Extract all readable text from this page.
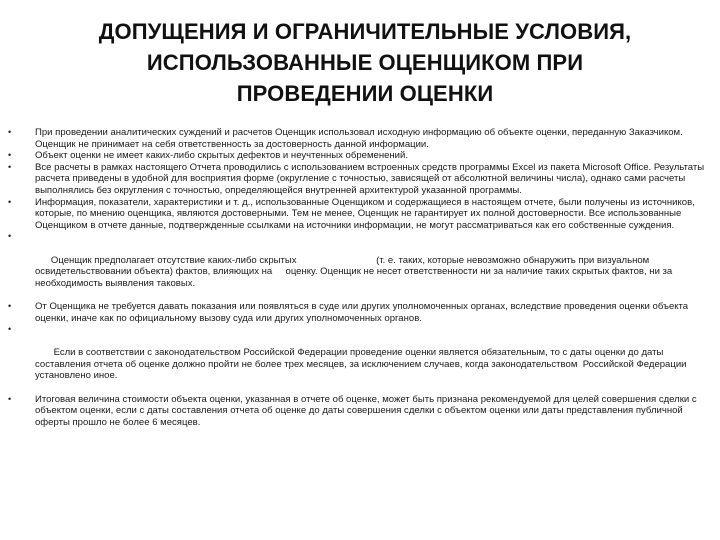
ДОПУЩЕНИЯ И ОГРАНИЧИТЕЛЬНЫЕ УСЛОВИЯ,
ИСПОЛЬЗОВАННЫЕ ОЦЕНЩИКОМ ПРИ
ПРОВЕДЕНИИ ОЦЕНКИ
• При проведении аналитических суждений и расчетов Оценщик использовал исходную информацию об объекте оценки, переданную Заказчиком. Оценщик не принимает на себя ответственность за достоверность данной информации.
• Объект оценки не имеет каких-либо скрытых дефектов и неучтенных обременений.
• Все расчеты в рамках настоящего Отчета проводились с использованием встроенных средств программы Excel из пакета Microsoft Office. Результаты расчета приведены в удобной для восприятия форме (округление с точностью, зависящей от абсолютной величины числа), однако сами расчеты выполнялись без округления с точностью, определяющейся внутренней архитектурой указанной программы.
• Информация, показатели, характеристики и т. д., использованные Оценщиком и содержащиеся в настоящем отчете, были получены из источников, которые, по мнению оценщика, являются достоверными. Тем не менее, Оценщик не гарантирует их полной достоверности. Все использованные Оценщиком в отчете данные, подтвержденные ссылками на источники информации, не могут рассматриваться как его собственные суждения.

•

Оценщик предполагает отсутствие каких-либо скрытых                              (т. е. таких, которые невозможно обнаружить при визуальном освидетельствовании объекта) фактов, влияющих на     оценку. Оценщик не несет ответственности ни за наличие таких скрытых фактов, ни за необходимость выявления таковых.

• От Оценщика не требуется давать показания или появляться в суде или других уполномоченных органах, вследствие проведения оценки объекта оценки, иначе как по официальному вызову суда или других уполномоченных органов.

•

Если в соответствии с законодательством Российской Федерации проведение оценки является обязательным, то с даты оценки до даты составления отчета об оценке должно пройти не более трех месяцев, за исключением случаев, когда законодательством  Российской Федерации установлено иное.

• Итоговая величина стоимости объекта оценки, указанная в отчете об оценке, может быть признана рекомендуемой для целей совершения сделки с объектом оценки, если с даты составления отчета об оценке до даты совершения сделки с объектом оценки или даты представления публичной оферты прошло не более 6 месяцев.
